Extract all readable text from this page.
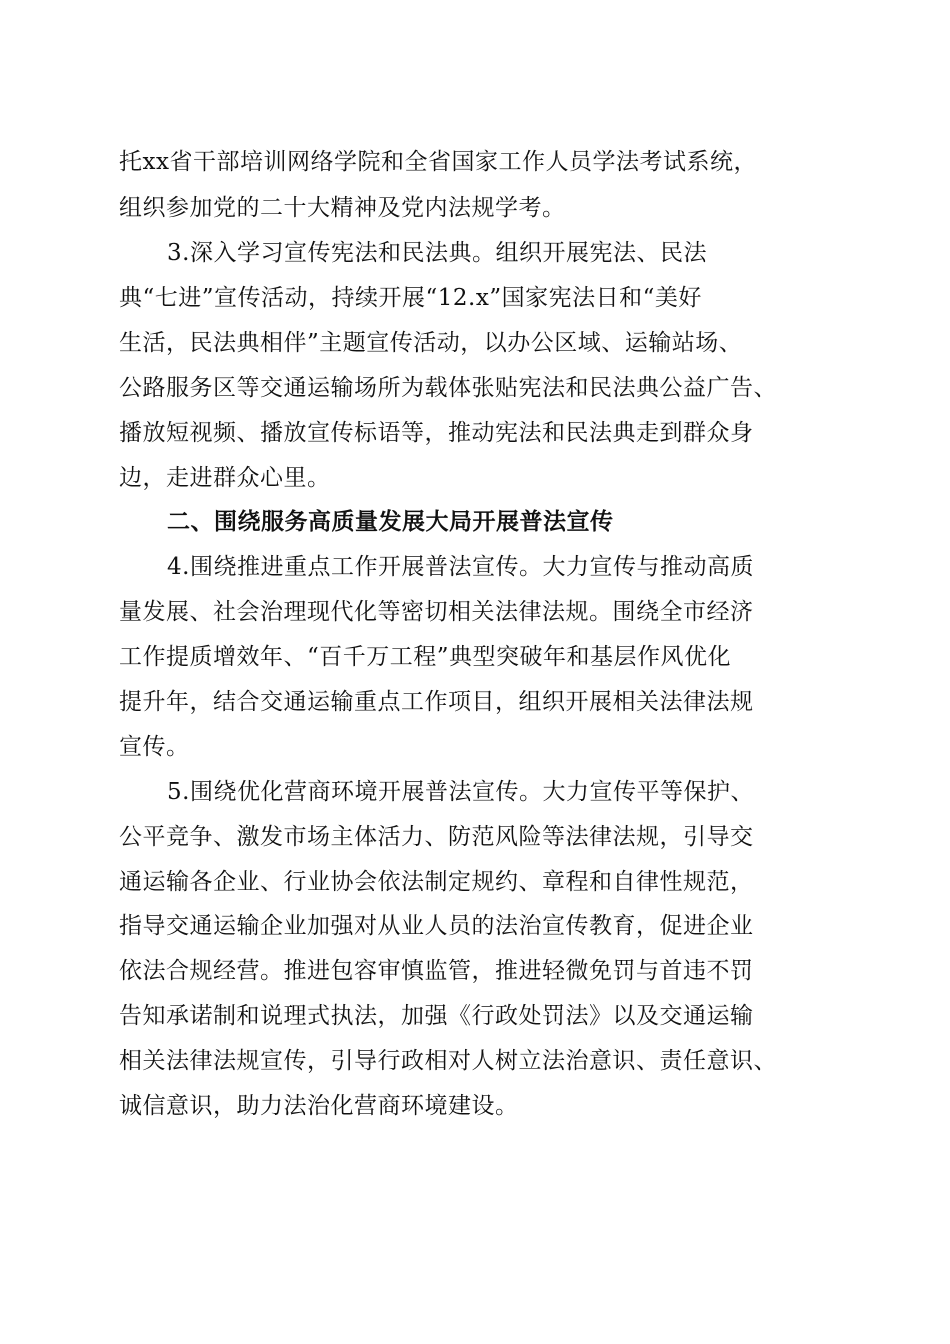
托xx省干部培训网络学院和全省国家工作人员学法考试系统，
组织参加党的二十大精神及党内法规学考。
3.深入学习宣传宪法和民法典。组织开展宪法、民法
典“七进”宣传活动，持续开展“12.x”国家宪法日和“美好
生活，民法典相伴”主题宣传活动，以办公区域、运输站场、
公路服务区等交通运输场所为载体张贴宪法和民法典公益广告、
播放短视频、播放宣传标语等，推动宪法和民法典走到群众身
边，走进群众心里。
二、围绕服务高质量发展大局开展普法宣传
4.围绕推进重点工作开展普法宣传。大力宣传与推动高质
量发展、社会治理现代化等密切相关法律法规。围绕全市经济
工作提质增效年、“百千万工程”典型突破年和基层作风优化
提升年，结合交通运输重点工作项目，组织开展相关法律法规
宣传。
5.围绕优化营商环境开展普法宣传。大力宣传平等保护、
公平竞争、激发市场主体活力、防范风险等法律法规，引导交
通运输各企业、行业协会依法制定规约、章程和自律性规范，
指导交通运输企业加强对从业人员的法治宣传教育，促进企业
依法合规经营。推进包容审慎监管，推进轻微免罚与首违不罚
告知承诺制和说理式执法，加强《行政处罚法》以及交通运输
相关法律法规宣传，引导行政相对人树立法治意识、责任意识、
诚信意识，助力法治化营商环境建设。
